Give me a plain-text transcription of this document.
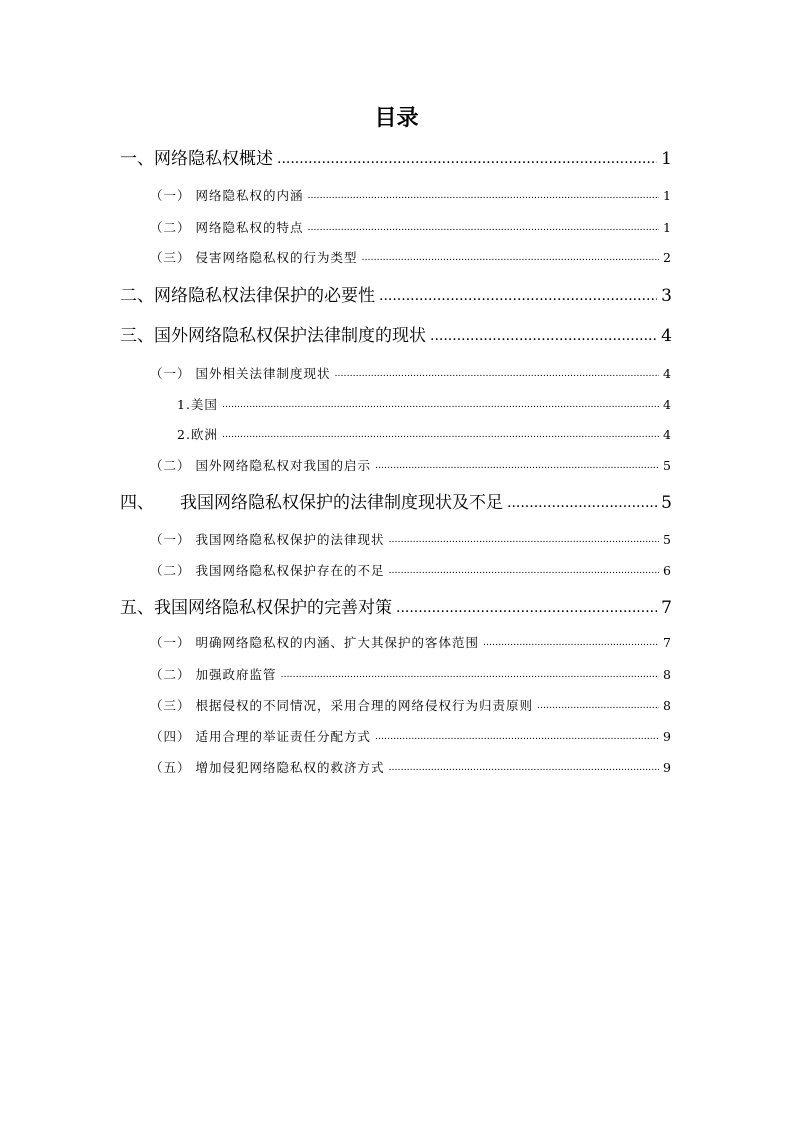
目录
一、网络隐私权概述 .....	1
（一） 网络隐私权的内涵 .....	1
（二） 网络隐私权的特点 .....	1
（三） 侵害网络隐私权的行为类型 .....	2
二、网络隐私权法律保护的必要性 .....	3
三、国外网络隐私权保护法律制度的现状 .....	4
（一） 国外相关法律制度现状 .....	4
1.美国 .....	4
2.欧洲 .....	4
（二） 国外网络隐私权对我国的启示 .....	5
四、 我国网络隐私权保护的法律制度现状及不足 .....	5
（一） 我国网络隐私权保护的法律现状 .....	5
（二） 我国网络隐私权保护存在的不足 .....	6
五、我国网络隐私权保护的完善对策 .....	7
（一） 明确网络隐私权的内涵、扩大其保护的客体范围 .....	7
（二） 加强政府监管 .....	8
（三） 根据侵权的不同情况，采用合理的网络侵权行为归责原则 .....	8
（四） 适用合理的举证责任分配方式 .....	9
（五） 增加侵犯网络隐私权的救济方式 .....	9
